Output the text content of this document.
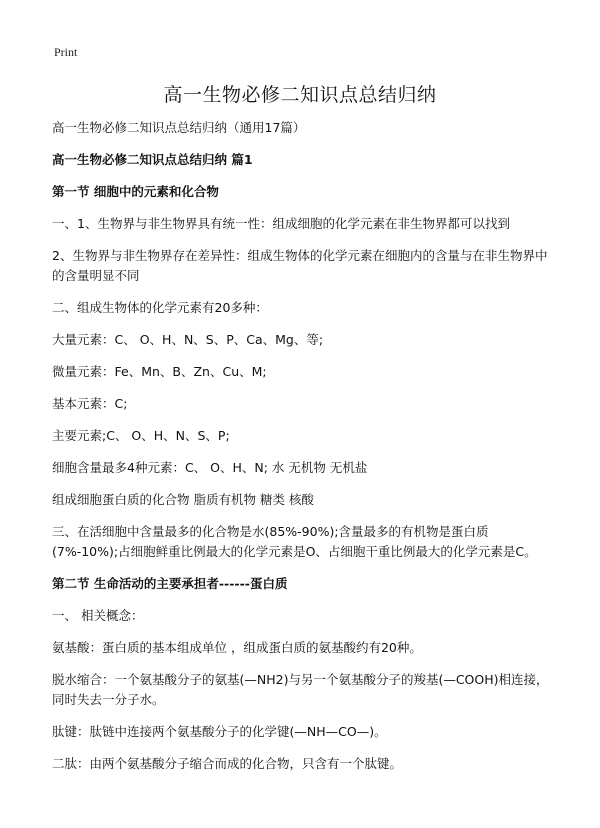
Print
高一生物必修二知识点总结归纳

高一生物必修二知识点总结归纳（通用17篇）

高一生物必修二知识点总结归纳 篇1

第一节 细胞中的元素和化合物

一、1、生物界与非生物界具有统一性：组成细胞的化学元素在非生物界都可以找到

2、生物界与非生物界存在差异性：组成生物体的化学元素在细胞内的含量与在非生物界中的含量明显不同

二、组成生物体的化学元素有20多种：

大量元素：C、 O、H、N、S、P、Ca、Mg、等;

微量元素：Fe、Mn、B、Zn、Cu、M;

基本元素：C;

主要元素;C、 O、H、N、S、P;

细胞含量最多4种元素：C、 O、H、N; 水 无机物 无机盐

组成细胞蛋白质的化合物 脂质有机物 糖类 核酸

三、在活细胞中含量最多的化合物是水(85%-90%);含量最多的有机物是蛋白质(7%-10%);占细胞鲜重比例最大的化学元素是O、占细胞干重比例最大的化学元素是C。

第二节 生命活动的主要承担者------蛋白质

一、 相关概念：

氨基酸：蛋白质的基本组成单位 ，组成蛋白质的氨基酸约有20种。

脱水缩合：一个氨基酸分子的氨基(—NH2)与另一个氨基酸分子的羧基(—COOH)相连接，同时失去一分子水。

肽键：肽链中连接两个氨基酸分子的化学键(—NH—CO—)。

二肽：由两个氨基酸分子缩合而成的化合物，只含有一个肽键。
